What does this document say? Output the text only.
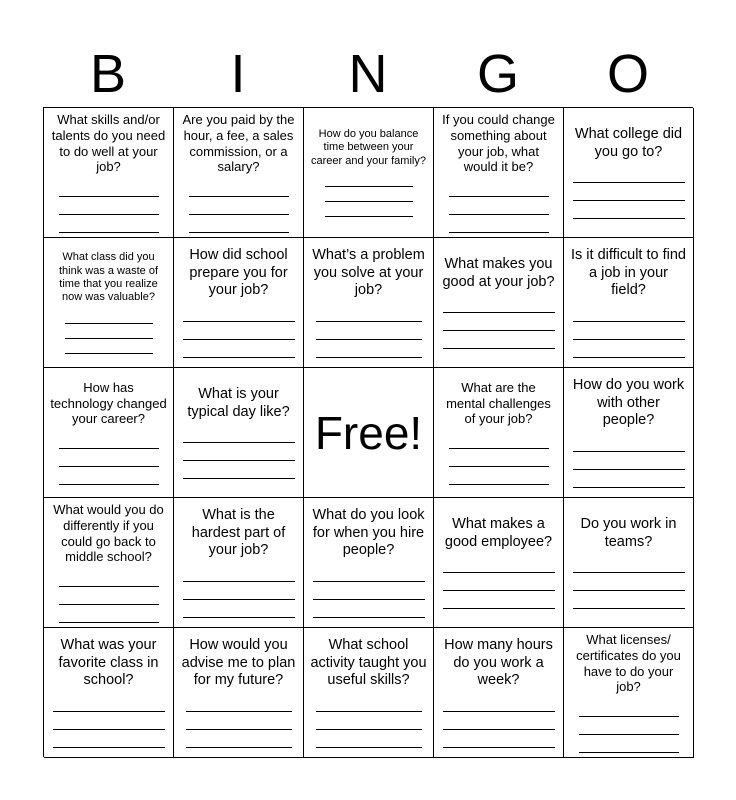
B	I	N	G	O
What skills and/or talents do you need to do well at your job?
Are you paid by the hour, a fee, a sales commission, or a salary?
How do you balance time between your career and your family?
If you could change something about your job, what would it be?
What college did you go to?
What class did you think was a waste of time that you realize now was valuable?
How did school prepare you for your job?
What’s a problem you solve at your job?
What makes you good at your job?
Is it difficult to find a job in your field?
How has technology changed your career?
What is your typical day like? Free!
What are the mental challenges of your job?
How do you work with other people?
What would you do differently if you could go back to middle school?
What is the hardest part of your job?
What do you look for when you hire people?
What makes a good employee?
Do you work in teams?
What was your favorite class in school?
How would you advise me to plan for my future?
What school activity taught you useful skills?
How many hours do you work a week?
What licenses/ certificates do you have to do your job?
